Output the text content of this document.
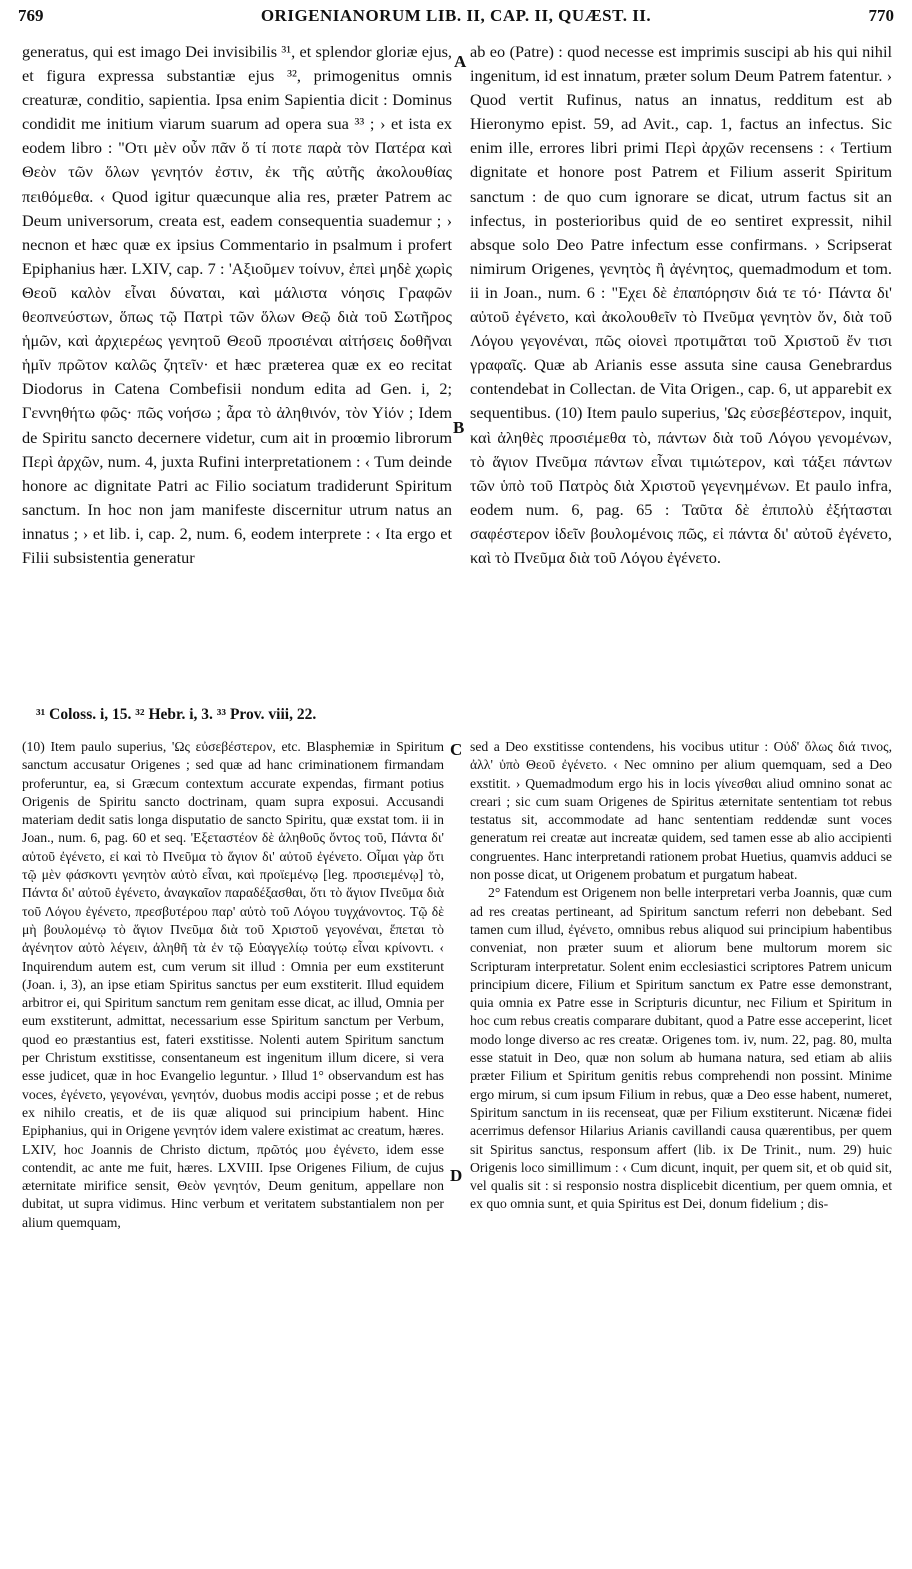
769	ORIGENIANORUM LIB. II, CAP. II, QUÆST. II.	770

generatus, qui est imago Dei invisibilis ³¹, et splendor gloriæ ejus, et figura expressa substantiæ ejus ³², primogenitus omnis creaturæ, conditio, sapientia. Ipsa enim Sapientia dicit : Dominus condidit me initium viarum suarum ad opera sua ³³ ; › et ista ex eodem libro : "Οτι μὲν οὖν πᾶν ὅ τί ποτε παρὰ τὸν Πατέρα καὶ Θεὸν τῶν ὅλων γενητόν ἐστιν, ἐκ τῆς αὐτῆς ἀκολουθίας πειθόμεθα. ‹ Quod igitur quæcunque alia res, præter Patrem ac Deum universorum, creata est, eadem consequentia suademur ; › necnon et hæc quæ ex ipsius Commentario in psalmum i profert Epiphanius hær. LXIV, cap. 7 : 'Αξιοῦμεν τοίνυν, ἐπεὶ μηδὲ χωρὶς Θεοῦ καλὸν εἶναι δύναται, καὶ μάλιστα νόησις Γραφῶν θεοπνεύστων, ὅπως τῷ Πατρὶ τῶν ὅλων Θεῷ διὰ τοῦ Σωτῆρος ἡμῶν, καὶ ἀρχιερέως γενητοῦ Θεοῦ προσιέναι αἰτήσεις δοθῆναι ἡμῖν πρῶτον καλῶς ζητεῖν· et hæc præterea quæ ex eo recitat Diodorus in Catena Combefisii nondum edita ad Gen. i, 2; Γεννηθήτω φῶς· πῶς νοήσω ; ἆρα τὸ ἀληθινόν, τὸν Υἱόν ; Idem de Spiritu sancto decernere videtur, cum ait in proœmio librorum Περὶ ἀρχῶν, num. 4, juxta Rufini interpretationem : ‹ Tum deinde honore ac dignitate Patri ac Filio sociatum tradiderunt Spiritum sanctum. In hoc non jam manifeste discernitur utrum natus an innatus ; › et lib. i, cap. 2, num. 6, eodem interprete : ‹ Ita ergo et Filii subsistentia generatur

ab eo (Patre) : quod necesse est imprimis suscipi ab his qui nihil ingenitum, id est innatum, præter solum Deum Patrem fatentur. › Quod vertit Rufinus, natus an innatus, redditum est ab Hieronymo epist. 59, ad Avit., cap. 1, factus an infectus. Sic enim ille, errores libri primi Περὶ ἀρχῶν recensens : ‹ Tertium dignitate et honore post Patrem et Filium asserit Spiritum sanctum : de quo cum ignorare se dicat, utrum factus sit an infectus, in posterioribus quid de eo sentiret expressit, nihil absque solo Deo Patre infectum esse confirmans. › Scripserat nimirum Origenes, γενητὸς ἢ ἀγένητος, quemadmodum et tom. ii in Joan., num. 6 : "Εχει δὲ ἐπαπόρησιν διά τε τό· Πάντα δι' αὐτοῦ ἐγένετο, καὶ ἀκολουθεῖν τὸ Πνεῦμα γενητὸν ὄν, διὰ τοῦ Λόγου γεγονέναι, πῶς οἱονεὶ προτιμᾶται τοῦ Χριστοῦ ἔν τισι γραφαῖς. Quæ ab Arianis esse assuta sine causa Genebrardus contendebat in Collectan. de Vita Origen., cap. 6, ut apparebit ex sequentibus. (10) Item paulo superius, 'Ως εὐσεβέστερον, inquit, καὶ ἀληθὲς προσιέμεθα τὸ, πάντων διὰ τοῦ Λόγου γενομένων, τὸ ἅγιον Πνεῦμα πάντων εἶναι τιμιώτερον, καὶ τάξει πάντων τῶν ὑπὸ τοῦ Πατρὸς διὰ Χριστοῦ γεγενημένων. Et paulo infra, eodem num. 6, pag. 65 : Ταῦτα δὲ ἐπιπολὺ ἐξήτασται σαφέστερον ἰδεῖν βουλομένοις πῶς, εἰ πάντα δι' αὐτοῦ ἐγένετο, καὶ τὸ Πνεῦμα διὰ τοῦ Λόγου ἐγένετο.

A
B
³¹ Coloss. i, 15. ³² Hebr. i, 3. ³³ Prov. viii, 22.
C
D

(10) Item paulo superius, 'Ως εὐσεβέστερον, etc. Blasphemiæ in Spiritum sanctum accusatur Origenes ; sed quæ ad hanc criminationem firmandam proferuntur, ea, si Græcum contextum accurate expendas, firmant potius Origenis de Spiritu sancto doctrinam, quam supra exposui. Accusandi materiam dedit satis longa disputatio de sancto Spiritu, quæ exstat tom. ii in Joan., num. 6, pag. 60 et seq. 'Εξεταστέον δὲ ἀληθοῦς ὄντος τοῦ, Πάντα δι' αὐτοῦ ἐγένετο, εἰ καὶ τὸ Πνεῦμα τὸ ἅγιον δι' αὐτοῦ ἐγένετο. Οἶμαι γὰρ ὅτι τῷ μὲν φάσκοντι γενητὸν αὐτὸ εἶναι, καὶ προϊεμένῳ [leg. προσιεμένῳ] τὸ, Πάντα δι' αὐτοῦ ἐγένετο, ἀναγκαῖον παραδέξασθαι, ὅτι τὸ ἅγιον Πνεῦμα διὰ τοῦ Λόγου ἐγένετο, πρεσβυτέρου παρ' αὐτὸ τοῦ Λόγου τυγχάνοντος. Τῷ δὲ μὴ βουλομένῳ τὸ ἅγιον Πνεῦμα διὰ τοῦ Χριστοῦ γεγονέναι, ἕπεται τὸ ἀγένητον αὐτὸ λέγειν, ἀληθῆ τὰ ἐν τῷ Εὐαγγελίῳ τούτῳ εἶναι κρίνοντι. ‹ Inquirendum autem est, cum verum sit illud : Omnia per eum exstiterunt (Joan. i, 3), an ipse etiam Spiritus sanctus per eum exstiterit. Illud equidem arbitror ei, qui Spiritum sanctum rem genitam esse dicat, ac illud, Omnia per eum exstiterunt, admittat, necessarium esse Spiritum sanctum per Verbum, quod eo præstantius est, fateri exstitisse. Nolenti autem Spiritum sanctum per Christum exstitisse, consentaneum est ingenitum illum dicere, si vera esse judicet, quæ in hoc Evangelio leguntur. › Illud 1° observandum est has voces, ἐγένετο, γεγονέναι, γενητόν, duobus modis accipi posse ; et de rebus ex nihilo creatis, et de iis quæ aliquod sui principium habent. Hinc Epiphanius, qui in Origene γενητόν idem valere existimat ac creatum, hæres. LXIV, hoc Joannis de Christo dictum, πρῶτός μου ἐγένετο, idem esse contendit, ac ante me fuit, hæres. LXVIII. Ipse Origenes Filium, de cujus æternitate mirifice sensit, Θεὸν γενητόν, Deum genitum, appellare non dubitat, ut supra vidimus. Hinc verbum et veritatem substantialem non per alium quemquam,

sed a Deo exstitisse contendens, his vocibus utitur : Οὐδ' ὅλως διά τινος, ἀλλ' ὑπὸ Θεοῦ ἐγένετο. ‹ Nec omnino per alium quemquam, sed a Deo exstitit. › Quemadmodum ergo his in locis γίνεσθαι aliud omnino sonat ac creari ; sic cum suam Origenes de Spiritus æternitate sententiam tot rebus testatus sit, accommodate ad hanc sententiam reddendæ sunt voces generatum rei creatæ aut increatæ quidem, sed tamen esse ab alio accipienti congruentes. Hanc interpretandi rationem probat Huetius, quamvis adduci se non posse dicat, ut Origenem probatum et purgatum habeat.

2° Fatendum est Origenem non belle interpretari verba Joannis, quæ cum ad res creatas pertineant, ad Spiritum sanctum referri non debebant. Sed tamen cum illud, ἐγένετο, omnibus rebus aliquod sui principium habentibus conveniat, non præter suum et aliorum bene multorum morem sic Scripturam interpretatur. Solent enim ecclesiastici scriptores Patrem unicum principium dicere, Filium et Spiritum sanctum ex Patre esse demonstrant, quia omnia ex Patre esse in Scripturis dicuntur, nec Filium et Spiritum in hoc cum rebus creatis comparare dubitant, quod a Patre esse acceperint, licet modo longe diverso ac res creatæ. Origenes tom. iv, num. 22, pag. 80, multa esse statuit in Deo, quæ non solum ab humana natura, sed etiam ab aliis præter Filium et Spiritum genitis rebus comprehendi non possint. Minime ergo mirum, si cum ipsum Filium in rebus, quæ a Deo esse habent, numeret, Spiritum sanctum in iis recenseat, quæ per Filium exstiterunt. Nicænæ fidei acerrimus defensor Hilarius Arianis cavillandi causa quærentibus, per quem sit Spiritus sanctus, responsum affert (lib. ix De Trinit., num. 29) huic Origenis loco simillimum : ‹ Cum dicunt, inquit, per quem sit, et ob quid sit, vel qualis sit : si responsio nostra displicebit dicentium, per quem omnia, et ex quo omnia sunt, et quia Spiritus est Dei, donum fidelium ; dis-
